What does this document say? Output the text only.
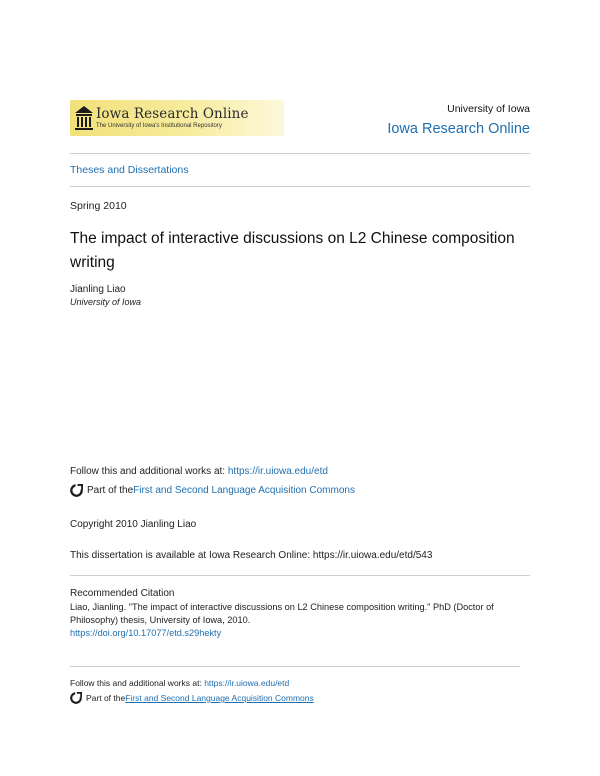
Iowa Research Online
The University of Iowa's Institutional Repository
University of Iowa
Iowa Research Online
Theses and Dissertations
Spring 2010
The impact of interactive discussions on L2 Chinese composition writing
Jianling Liao
University of Iowa
Follow this and additional works at: https://ir.uiowa.edu/etd
Part of the First and Second Language Acquisition Commons
Copyright 2010 Jianling Liao
This dissertation is available at Iowa Research Online: https://ir.uiowa.edu/etd/543
Recommended Citation
Liao, Jianling. "The impact of interactive discussions on L2 Chinese composition writing." PhD (Doctor of Philosophy) thesis, University of Iowa, 2010.
https://doi.org/10.17077/etd.s29hekty
Follow this and additional works at: https://ir.uiowa.edu/etd
Part of the First and Second Language Acquisition Commons
